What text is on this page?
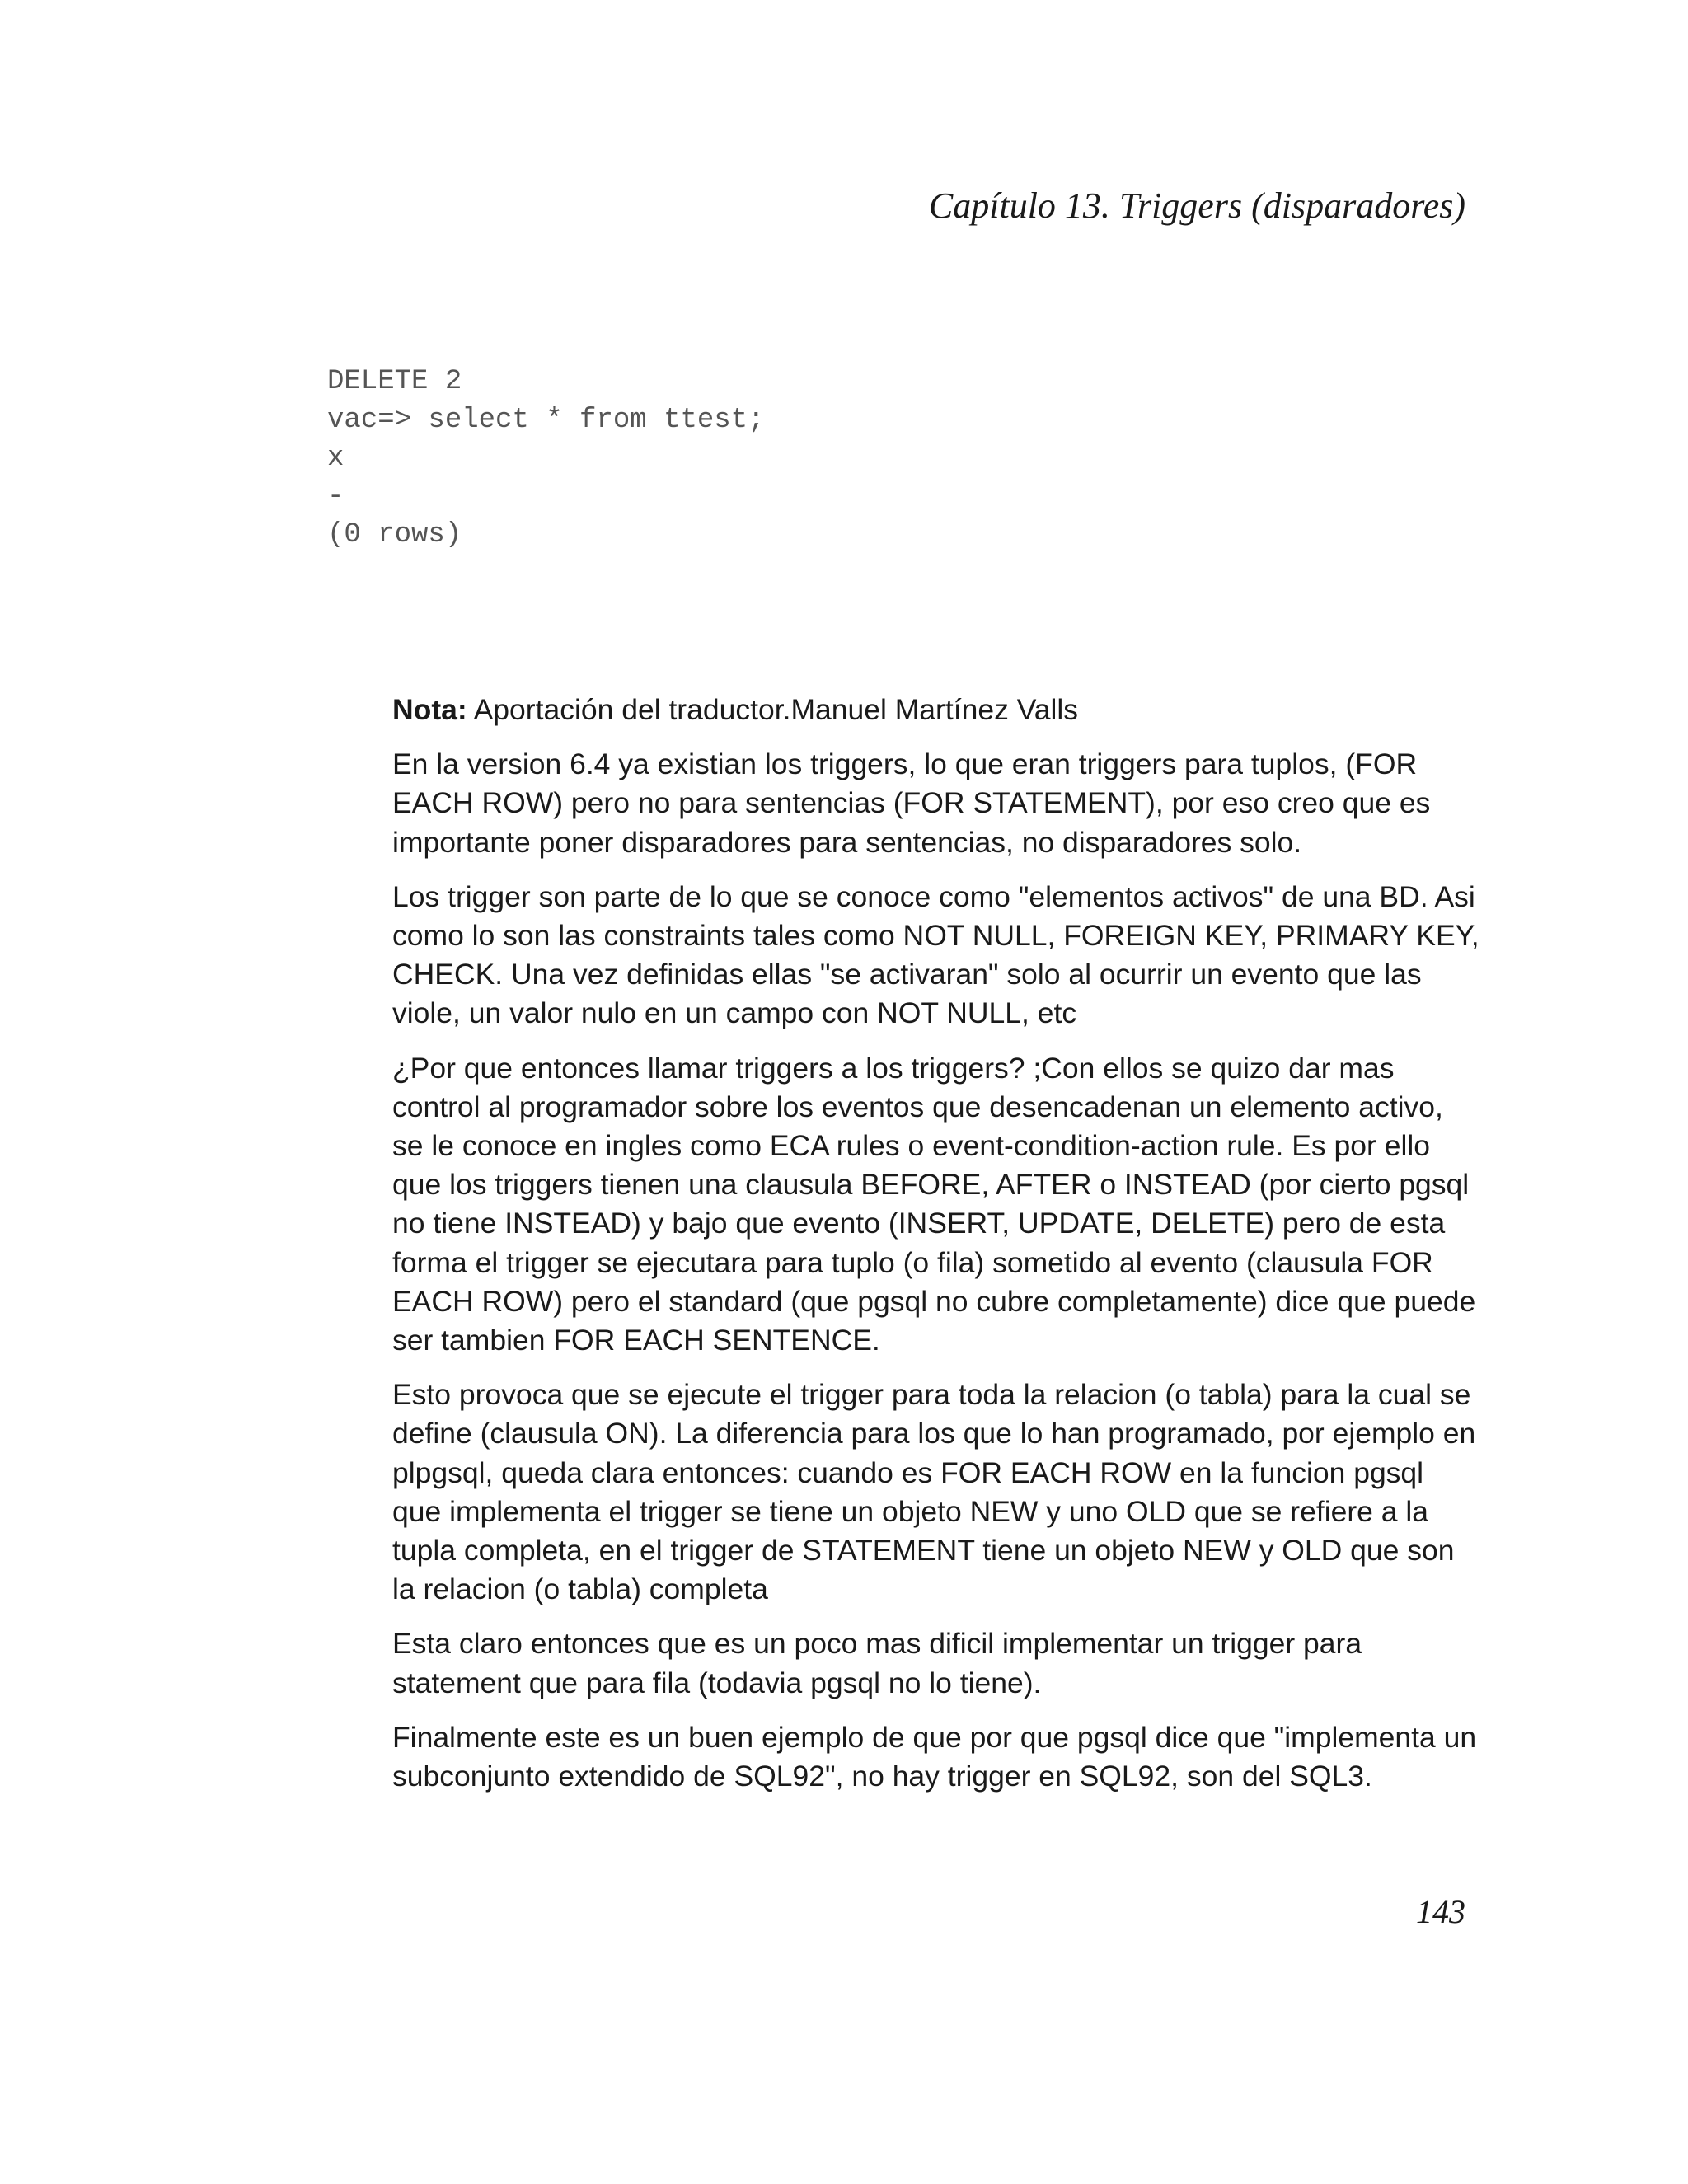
Capítulo 13. Triggers (disparadores)
DELETE 2
vac=> select * from ttest;
x
-
(0 rows)
Nota: Aportación del traductor.Manuel Martínez Valls

En la version 6.4 ya existian los triggers, lo que eran triggers para tuplos, (FOR EACH ROW) pero no para sentencias (FOR STATEMENT), por eso creo que es importante poner disparadores para sentencias, no disparadores solo.

Los trigger son parte de lo que se conoce como "elementos activos" de una BD. Asi como lo son las constraints tales como NOT NULL, FOREIGN KEY, PRIMARY KEY, CHECK. Una vez definidas ellas "se activaran" solo al ocurrir un evento que las viole, un valor nulo en un campo con NOT NULL, etc

¿Por que entonces llamar triggers a los triggers? ;Con ellos se quizo dar mas control al programador sobre los eventos que desencadenan un elemento activo, se le conoce en ingles como ECA rules o event-condition-action rule. Es por ello que los triggers tienen una clausula BEFORE, AFTER o INSTEAD (por cierto pgsql no tiene INSTEAD) y bajo que evento (INSERT, UPDATE, DELETE) pero de esta forma el trigger se ejecutara para tuplo (o fila) sometido al evento (clausula FOR EACH ROW) pero el standard (que pgsql no cubre completamente) dice que puede ser tambien FOR EACH SENTENCE.

Esto provoca que se ejecute el trigger para toda la relacion (o tabla) para la cual se define (clausula ON). La diferencia para los que lo han programado, por ejemplo en plpgsql, queda clara entonces: cuando es FOR EACH ROW en la funcion pgsql que implementa el trigger se tiene un objeto NEW y uno OLD que se refiere a la tupla completa, en el trigger de STATEMENT tiene un objeto NEW y OLD que son la relacion (o tabla) completa

Esta claro entonces que es un poco mas dificil implementar un trigger para statement que para fila (todavia pgsql no lo tiene).

Finalmente este es un buen ejemplo de que por que pgsql dice que "implementa un subconjunto extendido de SQL92", no hay trigger en SQL92, son del SQL3.

143
